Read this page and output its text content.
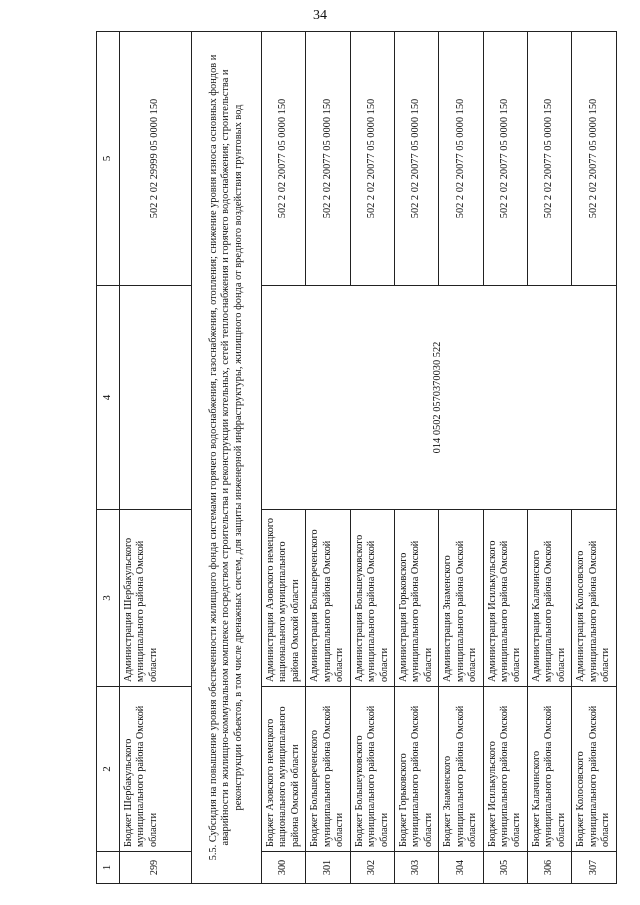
34
1	2	3	4	5
299	Бюджет Шербакульского муниципального района Омской области	Администрация Шербакульского муниципального района Омской области		502 2 02 29999 05 0000 150
5.5. Субсидия на повышение уровня обеспеченности жилищного фонда системами горячего водоснабжения, газоснабжения, отопления; снижение уровня износа основных фондов и аварийности в жилищно-коммунальном комплексе посредством строительства и реконструкции котельных, сетей теплоснабжения и горячего водоснабжения; строительства и реконструкции объектов, в том числе дренажных систем, для защиты инженерной инфраструктуры, жилищного фонда от вредного воздействия грунтовых вод				
300	Бюджет Азовского немецкого национального муниципального района Омской области	Администрация Азовского немецкого национального муниципального района Омской области	014 0502 0570370030 522	502 2 02 20077 05 0000 150
301	Бюджет Большереченского муниципального района Омской области	Администрация Большереченского муниципального района Омской области		502 2 02 20077 05 0000 150
302	Бюджет Большеуковского муниципального района Омской области	Администрация Большеуковского муниципального района Омской области		502 2 02 20077 05 0000 150
303	Бюджет Горьковского муниципального района Омской области	Администрация Горьковского муниципального района Омской области		502 2 02 20077 05 0000 150
304	Бюджет Знаменского муниципального района Омской области	Администрация Знаменского муниципального района Омской области		502 2 02 20077 05 0000 150
305	Бюджет Исилькульского муниципального района Омской области	Администрация Исилькульского муниципального района Омской области		502 2 02 20077 05 0000 150
306	Бюджет Калачинского муниципального района Омской области	Администрация Калачинского муниципального района Омской области		502 2 02 20077 05 0000 150
307	Бюджет Колосовского муниципального района Омской области	Администрация Колосовского муниципального района Омской области		502 2 02 20077 05 0000 150
